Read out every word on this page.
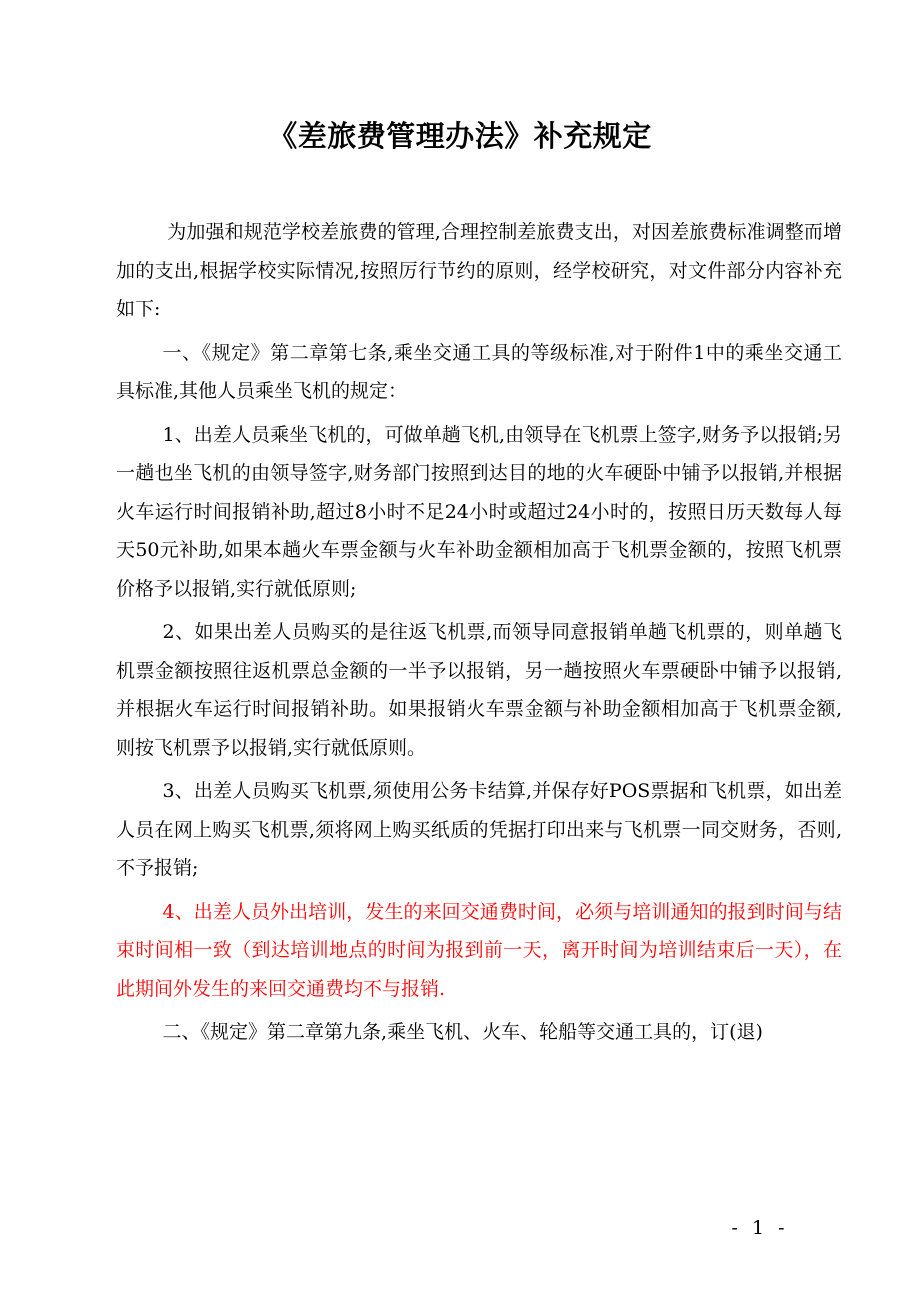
《差旅费管理办法》补充规定

为加强和规范学校差旅费的管理,合理控制差旅费支出，对因差旅费标准调整而增加的支出,根据学校实际情况,按照厉行节约的原则，经学校研究，对文件部分内容补充如下:

一、《规定》第二章第七条,乘坐交通工具的等级标准,对于附件1中的乘坐交通工具标准,其他人员乘坐飞机的规定：

1、出差人员乘坐飞机的，可做单趟飞机,由领导在飞机票上签字,财务予以报销;另一趟也坐飞机的由领导签字,财务部门按照到达目的地的火车硬卧中铺予以报销,并根据火车运行时间报销补助,超过8小时不足24小时或超过24小时的，按照日历天数每人每天50元补助,如果本趟火车票金额与火车补助金额相加高于飞机票金额的，按照飞机票价格予以报销,实行就低原则;

2、如果出差人员购买的是往返飞机票,而领导同意报销单趟飞机票的，则单趟飞机票金额按照往返机票总金额的一半予以报销，另一趟按照火车票硬卧中铺予以报销,并根据火车运行时间报销补助。如果报销火车票金额与补助金额相加高于飞机票金额,则按飞机票予以报销,实行就低原则。

3、出差人员购买飞机票,须使用公务卡结算,并保存好POS票据和飞机票，如出差人员在网上购买飞机票,须将网上购买纸质的凭据打印出来与飞机票一同交财务，否则,不予报销;

4、出差人员外出培训，发生的来回交通费时间，必须与培训通知的报到时间与结束时间相一致（到达培训地点的时间为报到前一天，离开时间为培训结束后一天），在此期间外发生的来回交通费均不与报销.

二、《规定》第二章第九条,乘坐飞机、火车、轮船等交通工具的，订(退)

- 1 -
